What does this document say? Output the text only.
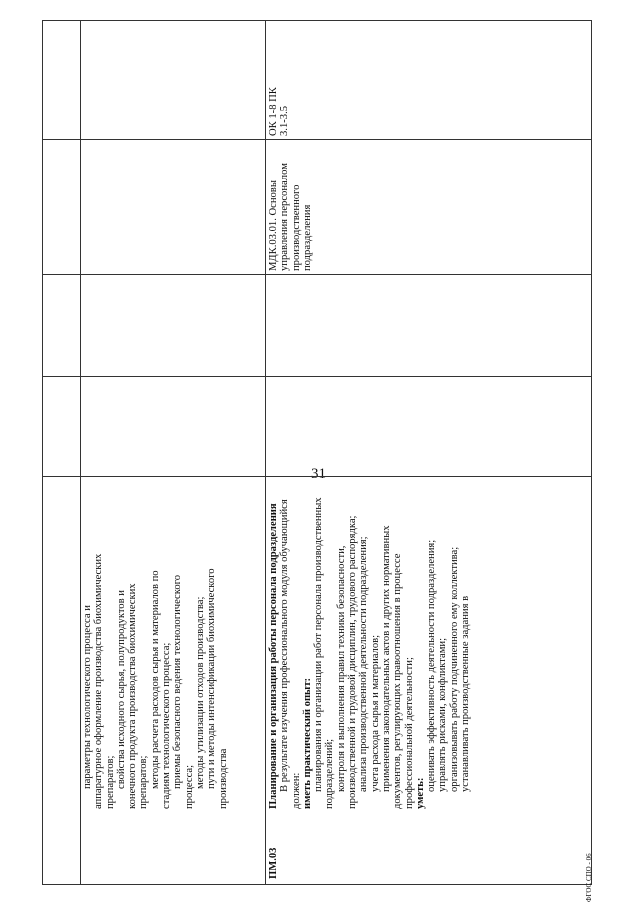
31

параметры технологического процесса и аппаратурное оформление производства биохимических препаратов; свойства исходного сырья, полупродуктов и конечного продукта производства биохимических препаратов; методы расчета расходов сырья и материалов по стадиям технологического процесса; приемы безопасного ведения технологического процесса; методы утилизации отходов производства; пути и методы интенсификации биохимического производства

ПМ.03

Планирование и организация работы персонала подразделения В результате изучения профессионального модуля обучающийся должен: иметь практический опыт: планирования и организации работ персонала производственных подразделений; контроля и выполнения правил техники безопасности, производственной и трудовой дисциплин, трудового распорядка; анализа производственной деятельности подразделения; учета расхода сырья и материалов; применения законодательных актов и других нормативных документов, регулирующих правоотношения в процессе профессиональной деятельности; уметь:

оценивать эффективность деятельности подразделения; управлять рисками, конфликтами; организовывать работу подчиненного ему коллектива; устанавливать производственные задания в

МДК.03.01. Основы управления персоналом производственного подразделения
ОК 1-8 ПК 3.1-3.5
ФГОС СПО - 06
